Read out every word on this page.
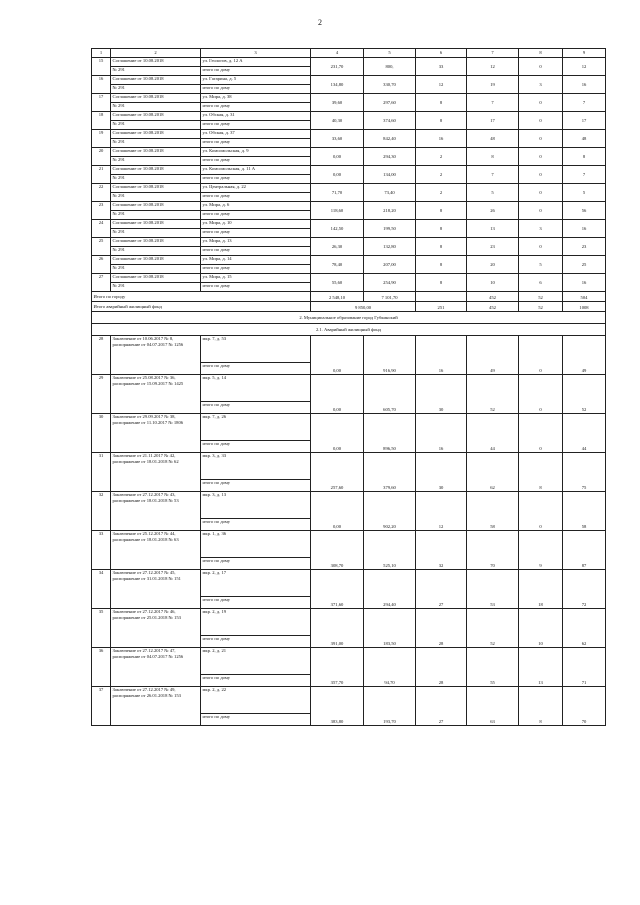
2
1	2	3	4	5	6	7	8	9
15	Соглашение от 10.08.2018	ул. Геологов, д. 12 А	231,70	800,	33	12	0	12
	№ 291	итого по дому						
16	Соглашение от 10.08.2018	ул. Гагарина, д. 5	134,80	330,70	12	19	3	16
	№ 291	итого по дому						
17	Соглашение от 10.08.2018	ул. Мира, д. 38	39,60	297,60	8	7	0	7
	№ 291	итого по дому						
18	Соглашение от 10.08.2018	ул. Обская, д. 31	40,30	374,60	8	17	0	17
	№ 291	итого по дому						
19	Соглашение от 10.08.2018	ул. Обская, д. 37	33,60	842,40	16	48	0	48
	№ 291	итого по дому						
20	Соглашение от 10.08.2018	ул. Комсомольская, д. 9	0,00	294,30	2	8	0	8
	№ 291	итого по дому						
21	Соглашение от 10.08.2018	ул. Комсомольская, д. 11 А	0,00	134,00	2	7	0	7
	№ 291	итого по дому						
22	Соглашение от 10.08.2018	ул. Центральная, д. 22	71,70	73,40	2	5	0	5
	№ 291	итого по дому						
23	Соглашение от 10.08.2018	ул. Мира, д. 6	118,60	218,20	8	26	0	56
	№ 291	итого по дому						
24	Соглашение от 10.08.2018	ул. Мира, д. 10	142,50	199,50	8	13	3	16
	№ 291	итого по дому						
25	Соглашение от 10.08.2018	ул. Мира, д. 13	26,30	132,80	8	23	0	23
	№ 291	итого по дому						
26	Соглашение от 10.08.2018	ул. Мира, д. 14	78,40	207,00	8	20	5	25
	№ 291	итого по дому						
27	Соглашение от 10.08.2018	ул. Мира, д. 15	55,60	254,90	8	10	6	16
	№ 291	итого по дому						
Итого по городу			2 548,10	7 101,70		452	52	504
Итого аварийный жилищный фонд			9 850,00		251	452	52	1008
2. Муниципальное образование город Губкинский								
2.1. Аварийный жилищный фонд								
28	Заключение от 10.06.2017 № 8, распоряжение от 04.07.2017 № 1256	мкр. 7, д. 53	0,00	916,90	16	49	0	49
		итого по дому						
29	Заключение от 25.08.2017 № 36, распоряжение от 15.09.2017 № 1425	мкр. 5, д. 14	0,00	605,70	30	52	0	52
		итого по дому						
30	Заключение от 29.09.2017 № 38, распоряжение от 11.10.2017 № 1806	мкр. 7, д. 26	0,00	896,50	16	44	0	44
		итого по дому						
31	Заключение от 21.11.2017 № 42, распоряжение от 18.01.2018 № 62	мкр. 3, д. 33	257,60	379,60	30	62	8	75
		итого по дому						
32	Заключение от 27.12.2017 № 43, распоряжение от 18.01.2018 № 53	мкр. 3, д. 13	0,00	902,20	12	58	0	58
		итого по дому						
33	Заключение от 25.12.2017 № 44, распоряжение от 18.01.2018 № 63	мкр. 1, д. 36	308,70	525,10	32	70	9	87
		итого по дому						
34	Заключение от 27.12.2017 № 45, распоряжение от 31.01.2018 № 151	мкр. 2, д. 17	371,60	294,40	27	53	18	72
		итого по дому						
35	Заключение от 27.12.2017 № 46, распоряжение от 25.01.2018 № 153	мкр. 2, д. 19	391,00	183,50	28	52	10	62
		итого по дому						
36	Заключение от 27.12.2017 № 47, распоряжение от 04.07.2017 № 1256	мкр. 2, д. 21	357,70	94,70	28	55	13	71
		итого по дому						
37	Заключение от 27.12.2017 № 49, распоряжение от 26.01.2018 № 153	мкр. 2, д. 22	383,80	193,70	27	63	8	70
		итого по дому						
